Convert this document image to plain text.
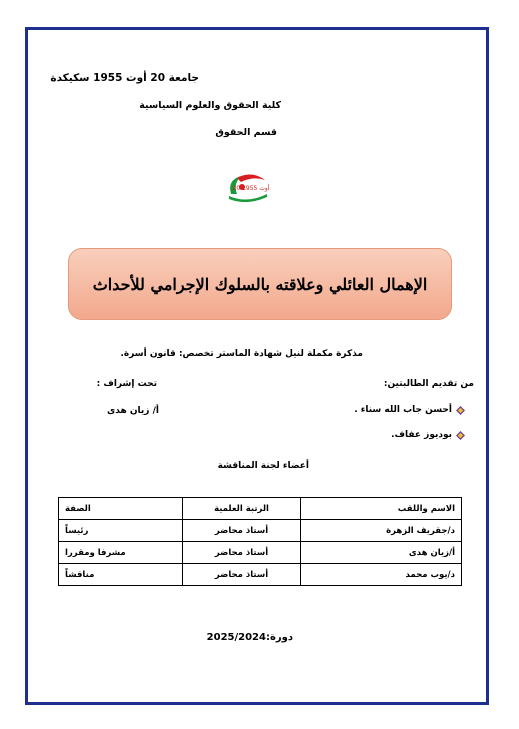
جامعة 20 أوت 1955 سكيكدة
كلية الحقوق والعلوم السياسية
قسم الحقوق
20 أوت 1955
الإهمال العائلي وعلاقته بالسلوك الإجرامي للأحداث
مذكرة مكملة لنيل شهادة الماستر تخصص: قانون أسرة.
من تقديم الطالبتين:
تحت إشراف :
أ/ زيان هدى	أحسن جاب الله سناء .
بوديوز عفاف.
أعضاء لجنة المناقشة
الاسم واللقب	الرتبة العلمية	الصفة
د/جقريف الزهرة	أستاذ محاضر	رئيساً
أ/زيان هدى	أستاذ محاضر	مشرفا ومقررا
د/يوب محمد	أستاذ محاضر	مناقشاً
دورة:2025/2024
